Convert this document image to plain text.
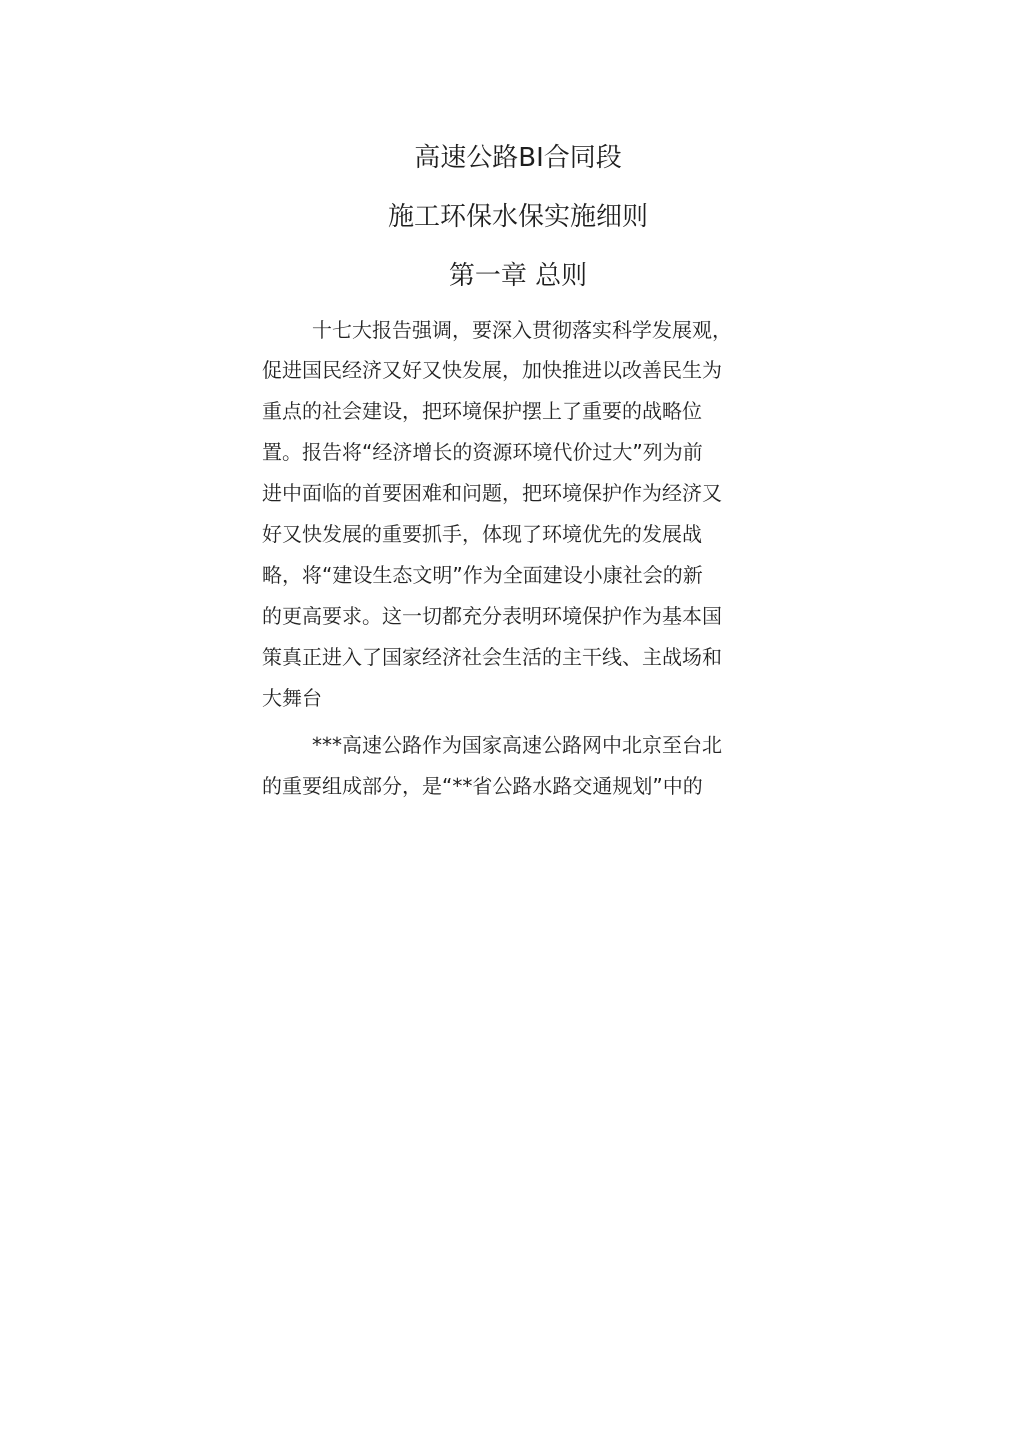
高速公路BI合同段
施工环保水保实施细则
第一章 总则
十七大报告强调，要深入贯彻落实科学发展观，
促进国民经济又好又快发展，加快推进以改善民生为
重点的社会建设，把环境保护摆上了重要的战略位
置。报告将“经济增长的资源环境代价过大”列为前
进中面临的首要困难和问题，把环境保护作为经济又
好又快发展的重要抓手，体现了环境优先的发展战
略，将“建设生态文明”作为全面建设小康社会的新
的更高要求。这一切都充分表明环境保护作为基本国
策真正进入了国家经济社会生活的主干线、主战场和
大舞台
***高速公路作为国家高速公路网中北京至台北
的重要组成部分，是“**省公路水路交通规划”中的
